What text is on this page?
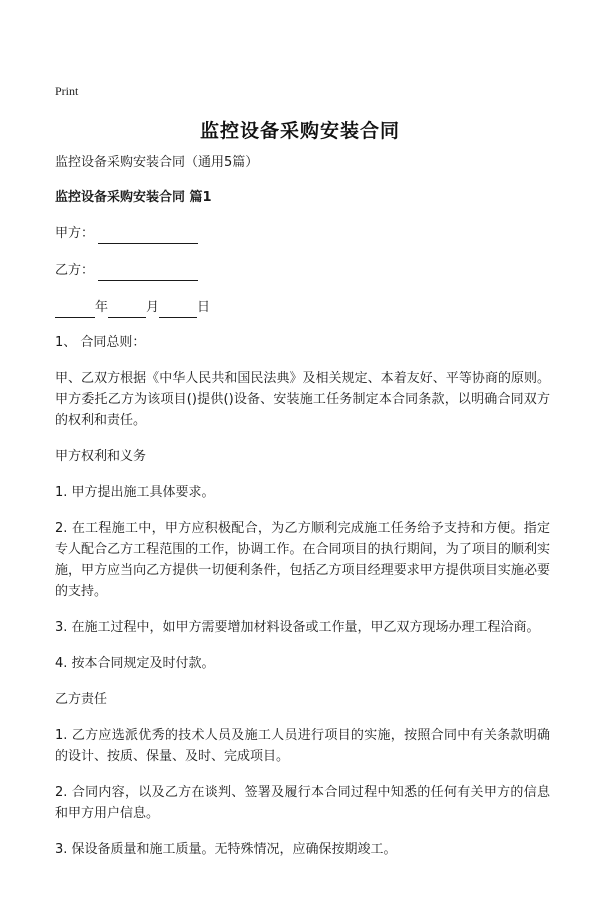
Print
监控设备采购安装合同

监控设备采购安装合同（通用5篇）

监控设备采购安装合同 篇1

甲方：
乙方：
年	月	日

1、 合同总则：

甲、乙双方根据《中华人民共和国民法典》及相关规定、本着友好、平等协商的原则。甲方委托乙方为该项目()提供()设备、安装施工任务制定本合同条款，以明确合同双方的权利和责任。

甲方权利和义务

1. 甲方提出施工具体要求。

2. 在工程施工中，甲方应积极配合，为乙方顺利完成施工任务给予支持和方便。指定专人配合乙方工程范围的工作，协调工作。在合同项目的执行期间，为了项目的顺利实施，甲方应当向乙方提供一切便利条件，包括乙方项目经理要求甲方提供项目实施必要的支持。

3. 在施工过程中，如甲方需要增加材料设备或工作量，甲乙双方现场办理工程洽商。

4. 按本合同规定及时付款。

乙方责任

1. 乙方应选派优秀的技术人员及施工人员进行项目的实施，按照合同中有关条款明确的设计、按质、保量、及时、完成项目。

2. 合同内容，以及乙方在谈判、签署及履行本合同过程中知悉的任何有关甲方的信息和甲方用户信息。

3. 保设备质量和施工质量。无特殊情况，应确保按期竣工。
